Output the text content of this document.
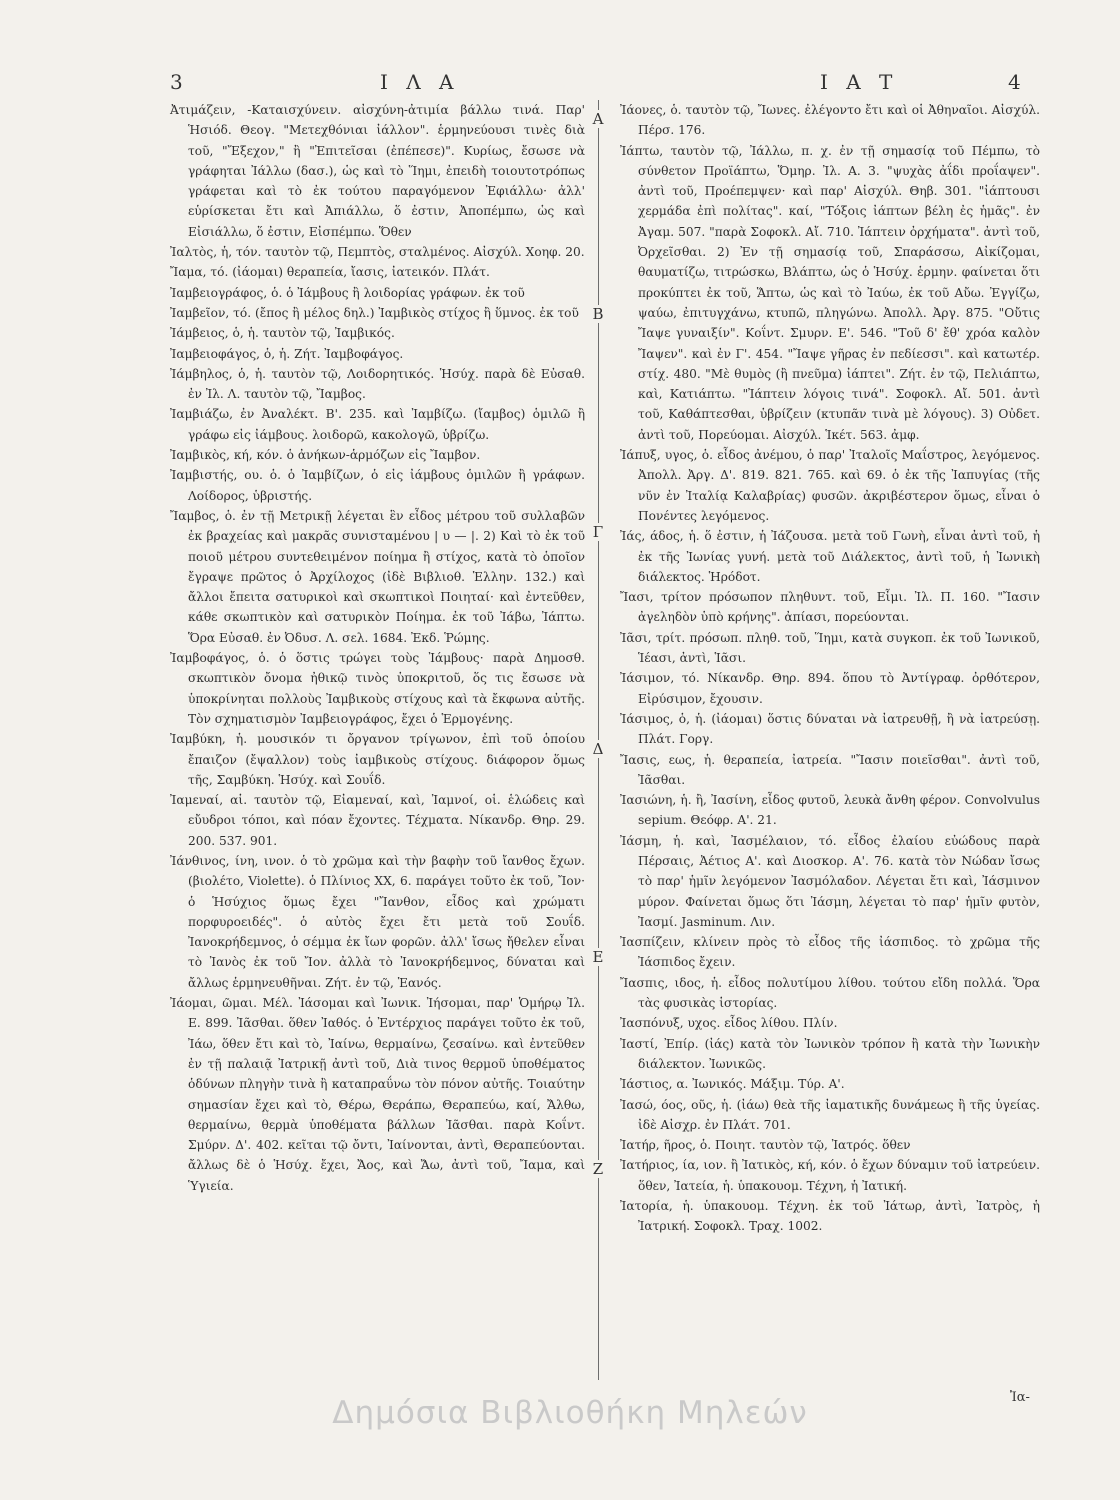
3	Ι Λ Α	Ι Α Τ	4

Ἀτιμάζειν, -Καταισχύνειν. αἰσχύνη-ἀτιμία βάλλω τινά. Παρ' Ἡσιόδ. Θεογ. "Μετεχθόνιαι ἰάλλον". ἑρμηνεύουσι τινὲς διὰ τοῦ, "Ἔξεχον," ἢ "Ἐπιτεῖσαι (ἐπέπεσε)". Κυρίως, ἔσωσε νὰ γράφηται Ἰάλλω (δασ.), ὡς καὶ τὸ Ἵημι, ἐπειδὴ τοιουτοτρόπως γράφεται καὶ τὸ ἐκ τούτου παραγόμενον Ἐφιάλλω· ἀλλ' εὑρίσκεται ἔτι καὶ Ἀπιάλλω, ὅ ἐστιν, Ἀποπέμπω, ὡς καὶ Εἰσιάλλω, ὅ ἐστιν, Εἰσπέμπω. Ὅθεν

Ἰαλτὸς, ἡ, τόν. ταυτὸν τῷ, Πεμπτὸς, σταλμένος. Αἰσχύλ. Χοηφ. 20.

Ἴαμα, τό. (ἰάομαι) θεραπεία, ἴασις, ἰατεικόν. Πλάτ.

Ἰαμβειογράφος, ὁ. ὁ Ἰάμβους ἢ λοιδορίας γράφων. ἐκ τοῦ

Ἰαμβεῖον, τό. (ἔπος ἢ μέλος δηλ.) Ἰαμβικὸς στίχος ἢ ὕμνος. ἐκ τοῦ

Ἰάμβειος, ὁ, ἡ. ταυτὸν τῷ, Ἰαμβικός.

Ἰαμβειοφάγος, ὁ, ἡ. Ζήτ. Ἰαμβοφάγος.

Ἰάμβηλος, ὁ, ἡ. ταυτὸν τῷ, Λοιδορητικός. Ἡσύχ. παρὰ δὲ Εὐσαθ. ἐν Ἰλ. Λ. ταυτὸν τῷ, Ἴαμβος.

Ἰαμβιάζω, ἐν Ἀναλέκτ. Β'. 235. καὶ Ἰαμβίζω. (ἴαμβος) ὁμιλῶ ἢ γράφω εἰς ἰάμβους. λοιδορῶ, κακολογῶ, ὑβρίζω.

Ἰαμβικὸς, κή, κόν. ὁ ἀνήκων-ἁρμόζων εἰς Ἴαμβον.

Ἰαμβιστής, ου. ὁ. ὁ Ἰαμβίζων, ὁ εἰς ἰάμβους ὁμιλῶν ἢ γράφων. Λοίδορος, ὑβριστής.

Ἴαμβος, ὁ. ἐν τῇ Μετρικῇ λέγεται ἓν εἶδος μέτρου τοῦ συλλαβῶν ἐκ βραχείας καὶ μακρᾶς συνισταμένου | υ — |. 2) Καὶ τὸ ἐκ τοῦ ποιοῦ μέτρου συντεθειμένον ποίημα ἢ στίχος, κατὰ τὸ ὁποῖον ἔγραψε πρῶτος ὁ Ἀρχίλοχος (ἰδὲ Βιβλιοθ. Ἑλλην. 132.) καὶ ἄλλοι ἔπειτα σατυρικοὶ καὶ σκωπτικοὶ Ποιηταί· καὶ ἐντεῦθεν, κάθε σκωπτικὸν καὶ σατυρικὸν Ποίημα. ἐκ τοῦ Ἰάβω, Ἰάπτω. Ὅρα Εὐσαθ. ἐν Ὀδυσ. Λ. σελ. 1684. Ἐκδ. Ῥώμης.

Ἰαμβοφάγος, ὁ. ὁ ὅστις τρώγει τοὺς Ἰάμβους· παρὰ Δημοσθ. σκωπτικὸν ὄνομα ἠθικῷ τινὸς ὑποκριτοῦ, ὅς τις ἔσωσε νὰ ὑποκρίνηται πολλοὺς Ἰαμβικοὺς στίχους καὶ τὰ ἔκφωνα αὐτῆς. Τὸν σχηματισμὸν Ἰαμβειογράφος, ἔχει ὁ Ἑρμογένης.

Ἰαμβύκη, ἡ. μουσικόν τι ὄργανον τρίγωνον, ἐπὶ τοῦ ὁποίου ἔπαιζον (ἔψαλλον) τοὺς ἰαμβικοὺς στίχους. διάφορον ὅμως τῆς, Σαμβύκη. Ἡσύχ. καὶ Σουΐδ.

Ἰαμεναί, αἱ. ταυτὸν τῷ, Εἰαμεναί, καὶ, Ἰαμνοί, οἱ. ἑλώδεις καὶ εὔυδροι τόποι, καὶ πόαν ἔχοντες. Τέχματα. Νίκανδρ. Θηρ. 29. 200. 537. 901.

Ἰάνθινος, ίνη, ινον. ὁ τὸ χρῶμα καὶ τὴν βαφὴν τοῦ ἴανθος ἔχων. (βιολέτο, Violette). ὁ Πλίνιος ΧΧ, 6. παράγει τοῦτο ἐκ τοῦ, Ἴον· ὁ Ἡσύχιος ὅμως ἔχει "Ἴανθον, εἶδος καὶ χρώματι πορφυροειδές". ὁ αὐτὸς ἔχει ἔτι μετὰ τοῦ Σουΐδ. Ἰανοκρήδεμνος, ὁ σέμμα ἐκ ἴων φορῶν. ἀλλ' ἴσως ἤθελεν εἶναι τὸ Ἰανὸς ἐκ τοῦ Ἴον. ἀλλὰ τὸ Ἰανοκρήδεμνος, δύναται καὶ ἄλλως ἑρμηνευθῆναι. Ζήτ. ἐν τῷ, Ἑανός.

Ἰάομαι, ῶμαι. Μέλ. Ἰάσομαι καὶ Ἰωνικ. Ἰήσομαι, παρ' Ὁμήρῳ Ἰλ. Ε. 899. Ἰᾶσθαι. ὅθεν Ἰαθός. ὁ Ἐντέρχιος παράγει τοῦτο ἐκ τοῦ, Ἰάω, ὅθεν ἔτι καὶ τὸ, Ἰαίνω, θερμαίνω, ζεσαίνω. καὶ ἐντεῦθεν ἐν τῇ παλαιᾷ Ἰατρικῇ ἀντὶ τοῦ, Διὰ τινος θερμοῦ ὑποθέματος ὁδύνων πληγὴν τινὰ ἢ καταπραΰνω τὸν πόνον αὐτῆς. Τοιαύτην σημασίαν ἔχει καὶ τὸ, Θέρω, Θεράπω, Θεραπεύω, καί, Ἄλθω, θερμαίνω, θερμὰ ὑποθέματα βάλλων Ἰᾶσθαι. παρὰ Κοΐντ. Σμύρν. Δ'. 402. κεῖται τῷ ὄντι, Ἰαίνονται, ἀντὶ, Θεραπεύονται. ἄλλως δὲ ὁ Ἡσύχ. ἔχει, Ἄος, καὶ Ἄω, ἀντὶ τοῦ, Ἴαμα, καὶ Ὑγιεία.

Α
Β
Γ
Δ
Ε
Ζ

Ἰάονες, ὁ. ταυτὸν τῷ, Ἴωνες. ἐλέγοντο ἔτι καὶ οἱ Ἀθηναῖοι. Αἰσχύλ. Πέρσ. 176.

Ἰάπτω, ταυτὸν τῷ, Ἰάλλω, π. χ. ἐν τῇ σημασίᾳ τοῦ Πέμπω, τὸ σύνθετον Προϊάπτω, Ὅμηρ. Ἰλ. Α. 3. "ψυχὰς ἀΐδι προΐαψεν". ἀντὶ τοῦ, Προέπεμψεν· καὶ παρ' Αἰσχύλ. Θηβ. 301. "ἰάπτουσι χερμάδα ἐπὶ πολίτας". καί, "Τόξοις ἰάπτων βέλη ἐς ἡμᾶς". ἐν Ἀγαμ. 507. "παρὰ Σοφοκλ. Αἴ. 710. Ἰάπτειν ὀρχήματα". ἀντὶ τοῦ, Ὀρχεῖσθαι. 2) Ἐν τῇ σημασίᾳ τοῦ, Σπαράσσω, Αἰκίζομαι, θαυματίζω, τιτρώσκω, Βλάπτω, ὡς ὁ Ἡσύχ. ἑρμην. φαίνεται ὅτι προκύπτει ἐκ τοῦ, Ἅπτω, ὡς καὶ τὸ Ἰαύω, ἐκ τοῦ Αὔω. Ἐγγίζω, ψαύω, ἐπιτυγχάνω, κτυπῶ, πληγώνω. Ἀπολλ. Ἀργ. 875. "Οὔτις Ἴαψε γυναιξίν". Κοΐντ. Σμυρν. Ε'. 546. "Τοῦ δ' ἔθ' χρόα καλὸν Ἴαψεν". καὶ ἐν Γ'. 454. "Ἴαψε γῆρας ἐν πεδίεσσι". καὶ κατωτέρ. στίχ. 480. "Μὲ θυμὸς (ἢ πνεῦμα) ἰάπτει". Ζήτ. ἐν τῷ, Πελιάπτω, καὶ, Κατιάπτω. "Ἰάπτειν λόγοις τινά". Σοφοκλ. Αἴ. 501. ἀντὶ τοῦ, Καθάπτεσθαι, ὑβρίζειν (κτυπᾶν τινὰ μὲ λόγους). 3) Οὐδετ. ἀντὶ τοῦ, Πορεύομαι. Αἰσχύλ. Ἱκέτ. 563. ἀμφ.

Ἰάπυξ, υγος, ὁ. εἶδος ἀνέμου, ὁ παρ' Ἰταλοῖς Μαΐστρος, λεγόμενος. Ἀπολλ. Ἀργ. Δ'. 819. 821. 765. καὶ 69. ὁ ἐκ τῆς Ἰαπυγίας (τῆς νῦν ἐν Ἰταλίᾳ Καλαβρίας) φυσῶν. ἀκριβέστερον ὅμως, εἶναι ὁ Πονέντες λεγόμενος.

Ἰάς, άδος, ἡ. ὅ ἐστιν, ἡ Ἰάζουσα. μετὰ τοῦ Γωνὴ, εἶναι ἀντὶ τοῦ, ἡ ἐκ τῆς Ἰωνίας γυνή. μετὰ τοῦ Διάλεκτος, ἀντὶ τοῦ, ἡ Ἰωνικὴ διάλεκτος. Ἡρόδοτ.

Ἴασι, τρίτον πρόσωπον πληθυντ. τοῦ, Εἶμι. Ἰλ. Π. 160. "Ἴασιν ἀγεληδὸν ὑπὸ κρήνης". ἀπίασι, πορεύονται.

Ἰᾶσι, τρίτ. πρόσωπ. πληθ. τοῦ, Ἵημι, κατὰ συγκοπ. ἐκ τοῦ Ἰωνικοῦ, Ἱέασι, ἀντὶ, Ἱᾶσι.

Ἰάσιμον, τό. Νίκανδρ. Θηρ. 894. ὅπου τὸ Ἀντίγραφ. ὀρθότερον, Εἰρύσιμον, ἔχουσιν.

Ἰάσιμος, ὁ, ἡ. (ἰάομαι) ὅστις δύναται νὰ ἰατρευθῇ, ἢ νὰ ἰατρεύσῃ. Πλάτ. Γοργ.

Ἴασις, εως, ἡ. θεραπεία, ἰατρεία. "Ἴασιν ποιεῖσθαι". ἀντὶ τοῦ, Ἰᾶσθαι.

Ἰασιώνη, ἡ. ἢ, Ἰασίνη, εἶδος φυτοῦ, λευκὰ ἄνθη φέρον. Convolvulus sepium. Θεόφρ. Α'. 21.

Ἰάσμη, ἡ. καὶ, Ἰασμέλαιον, τό. εἶδος ἐλαίου εὐώδους παρὰ Πέρσαις, Ἀέτιος Α'. καὶ Διοσκορ. Α'. 76. κατὰ τὸν Νώδαν ἴσως τὸ παρ' ἡμῖν λεγόμενον Ἰασμόλαδον. Λέγεται ἔτι καὶ, Ἰάσμινον μύρον. Φαίνεται ὅμως ὅτι Ἰάσμη, λέγεται τὸ παρ' ἡμῖν φυτὸν, Ἰασμί. Jasminum. Λιν.

Ἰασπίζειν, κλίνειν πρὸς τὸ εἶδος τῆς ἰάσπιδος. τὸ χρῶμα τῆς Ἰάσπιδος ἔχειν.

Ἴασπις, ιδος, ἡ. εἶδος πολυτίμου λίθου. τούτου εἴδη πολλά. Ὅρα τὰς φυσικὰς ἱστορίας.

Ἰασπόνυξ, υχος. εἶδος λίθου. Πλίν.

Ἰαστί, Ἐπίρ. (ἰάς) κατὰ τὸν Ἰωνικὸν τρόπον ἢ κατὰ τὴν Ἰωνικὴν διάλεκτον. Ἰωνικῶς.

Ἰάστιος, α. Ἰωνικός. Μάξιμ. Τύρ. Α'.

Ἰασώ, όος, οῦς, ἡ. (ἰάω) θεὰ τῆς ἰαματικῆς δυνάμεως ἢ τῆς ὑγείας. ἰδὲ Αἰσχρ. ἐν Πλάτ. 701.

Ἰατήρ, ῆρος, ὁ. Ποιητ. ταυτὸν τῷ, Ἰατρός. ὅθεν

Ἰατήριος, ία, ιον. ἢ Ἰατικὸς, κή, κόν. ὁ ἔχων δύναμιν τοῦ ἰατρεύειν. ὅθεν, Ἰατεία, ἡ. ὑπακουομ. Τέχνη, ἡ Ἰατική.

Ἰατορία, ἡ. ὑπακουομ. Τέχνη. ἐκ τοῦ Ἰάτωρ, ἀντὶ, Ἰατρὸς, ἡ Ἰατρική. Σοφοκλ. Τραχ. 1002.

Ἰα-
Δημόσια Βιβλιοθήκη Μηλεών
